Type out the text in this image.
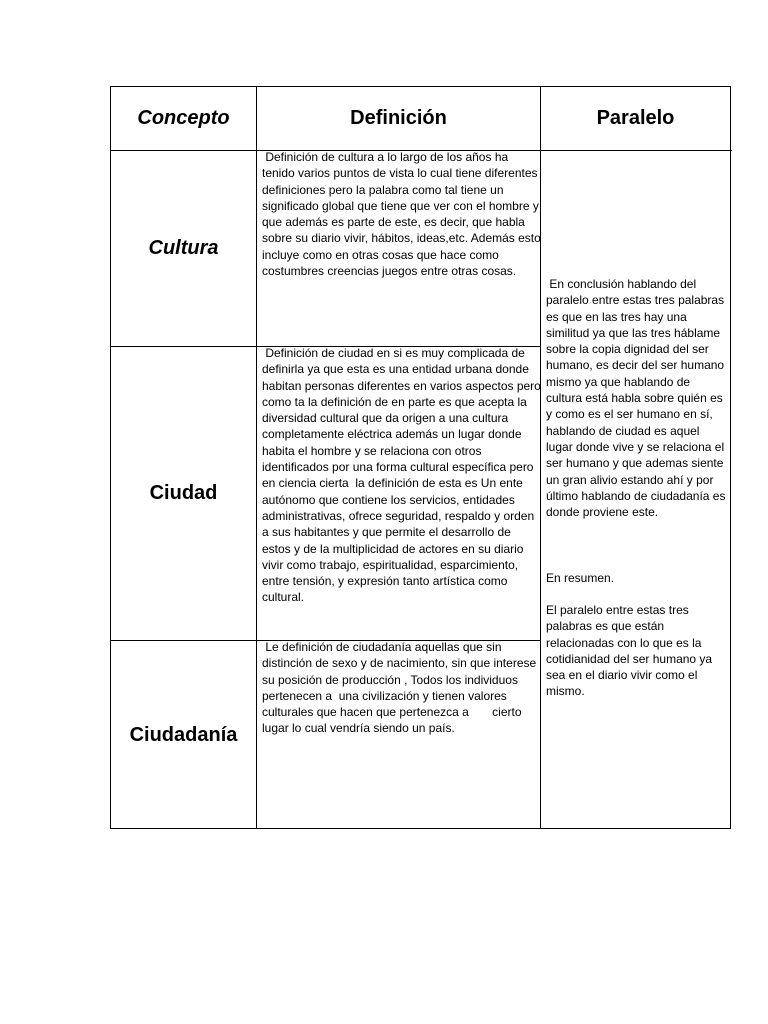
Concepto	Definición	Paralelo
Cultura
Ciudad
Ciudadanía
Definición de cultura a lo largo de los años ha tenido varios puntos de vista lo cual tiene diferentes definiciones pero la palabra como tal tiene un significado global que tiene que ver con el hombre y que además es parte de este, es decir, que habla sobre su diario vivir, hábitos, ideas,etc. Además esto incluye como en otras cosas que hace como costumbres creencias juegos entre otras cosas.
Definición de ciudad en si es muy complicada de definirla ya que esta es una entidad urbana donde habitan personas diferentes en varios aspectos pero como ta la definición de en parte es que acepta la diversidad cultural que da origen a una cultura completamente eléctrica además un lugar donde habita el hombre y se relaciona con otros identificados por una forma cultural específica pero en ciencia cierta  la definición de esta es Un ente autónomo que contiene los servicios, entidades administrativas, ofrece seguridad, respaldo y orden a sus habitantes y que permite el desarrollo de estos y de la multiplicidad de actores en su diario vivir como trabajo, espiritualidad, esparcimiento, entre tensión, y expresión tanto artística como cultural.
Le definición de ciudadanía aquellas que sin distinción de sexo y de nacimiento, sin que interese su posición de producción , Todos los individuos pertenecen a  una civilización y tienen valores culturales que hacen que pertenezca a       cierto lugar lo cual vendría siendo un país.
En conclusión hablando del paralelo entre estas tres palabras es que en las tres hay una similitud ya que las tres háblame sobre la copia dignidad del ser humano, es decir del ser humano mismo ya que hablando de cultura está habla sobre quién es y como es el ser humano en sí, hablando de ciudad es aquel lugar donde vive y se relaciona el ser humano y que ademas siente un gran alivio estando ahí y por último hablando de ciudadanía es donde proviene este.
En resumen.
El paralelo entre estas tres palabras es que están relacionadas con lo que es la cotidianidad del ser humano ya sea en el diario vivir como el mismo.
